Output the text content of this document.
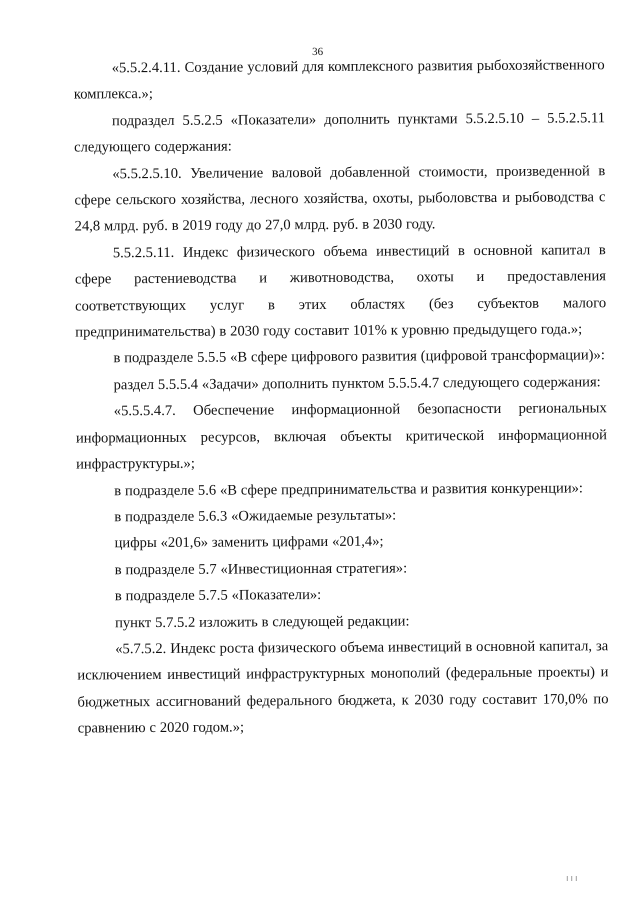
36

«5.5.2.4.11. Создание условий для комплексного развития рыбохозяйственного комплекса.»;

подраздел 5.5.2.5 «Показатели» дополнить пунктами 5.5.2.5.10 – 5.5.2.5.11 следующего содержания:

«5.5.2.5.10. Увеличение валовой добавленной стоимости, произведенной в сфере сельского хозяйства, лесного хозяйства, охоты, рыболовства и рыбоводства с 24,8 млрд. руб. в 2019 году до 27,0 млрд. руб. в 2030 году.

5.5.2.5.11. Индекс физического объема инвестиций в основной капитал в сфере растениеводства и животноводства, охоты и предоставления соответствующих услуг в этих областях (без субъектов малого предпринимательства) в 2030 году составит 101% к уровню предыдущего года.»;

в подразделе 5.5.5 «В сфере цифрового развития (цифровой трансформации)»:

раздел 5.5.5.4 «Задачи» дополнить пунктом 5.5.5.4.7 следующего содержания:

«5.5.5.4.7. Обеспечение информационной безопасности региональных информационных ресурсов, включая объекты критической информационной инфраструктуры.»;

в подразделе 5.6 «В сфере предпринимательства и развития конкуренции»:

в подразделе 5.6.3 «Ожидаемые результаты»:

цифры «201,6» заменить цифрами «201,4»;

в подразделе 5.7 «Инвестиционная стратегия»:

в подразделе 5.7.5 «Показатели»:

пункт 5.7.5.2 изложить в следующей редакции:

«5.7.5.2. Индекс роста физического объема инвестиций в основной капитал, за исключением инвестиций инфраструктурных монополий (федеральные проекты) и бюджетных ассигнований федерального бюджета, к 2030 году составит 170,0% по сравнению с 2020 годом.»;

ııı
